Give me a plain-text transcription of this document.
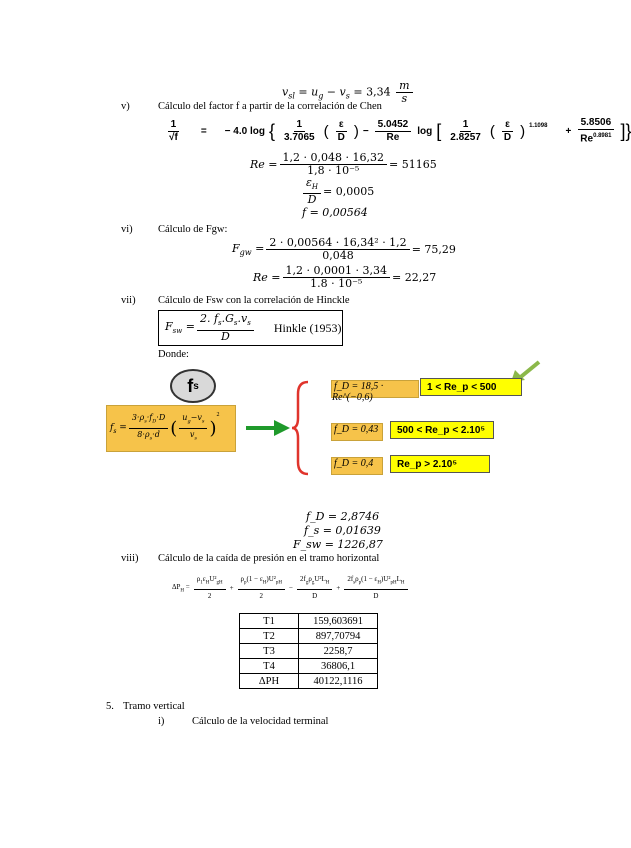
$v_{sl} = u_g - v_s = 3,34 \frac{m}{s}$
v)	Cálculo del factor f a partir de la correlación de Chen
$\frac{1}{√f}$ = − 4.0 log { $\frac{1}{3.7065}$ ( $\frac{\varepsilon}{D}$ ) − $\frac{5.0452}{Re}$ log [ $\frac{1}{2.8257}$ ( $\frac{\varepsilon}{D}$ ) $1.1098 + \frac{5.8506}{Re^{0.8981}}$ ]}
$Re = \frac{1,2 \cdot 0,048 \cdot 16,32}{\text{1,8 · 10⁻⁵}} = 51165$
$\frac{\varepsilon_H}{D} = 0,0005$
f = 0,00564
vi) Cálculo de Fgw:
$F_{gw} = \frac{\text{2 · 0,00564 · 16,34² · 1,2}}{0,048} = 75,29$
$Re = \frac{1,2 \cdot 0,0001 \cdot 3,34}{\text{1.8 · 10⁻⁵}} = 22,27$
vii) Cálculo de Fsw con la correlación de Hinckle
$F_{sw} = \frac{2. f_s.G_s.v_s}{D}$ Hinkle (1953)
Donde:
f s
$f_s = \frac{3\cdot\rho_s\cdot f_D\cdot D}{8\cdot\rho_s\cdot d}$ ( $\frac{u_g-v_s}{v_s}$ )
2
f_D = 18,5 · Re^(−0,6)
1 < Re_p < 500
f_D = 0,43	500 < Re_p < 2.10⁵
f_D = 0,4	Re_p > 2.10⁵
f_D = 2,8746
f_s = 0,01639
F_sw = 1226,87
viii) Cálculo de la caída de presión en el tramo horizontal
$\Delta P_H = \frac{\rho_1\varepsilon_HU^2_{gH}}{2} + \frac{\rho_p(1 - \varepsilon_H)U^2_{pH}}{2} - \frac{2f_g\rho_gU^2L_H}{D} + \frac{2f_s\rho_p(1 - \varepsilon_H)U^2_{pH}L_H}{D}$
T1	159,603691
T2	897,70794
T3	2258,7
T4	36806,1
ΔPH	40122,1116
5. Tramo vertical
i)	Cálculo de la velocidad terminal
